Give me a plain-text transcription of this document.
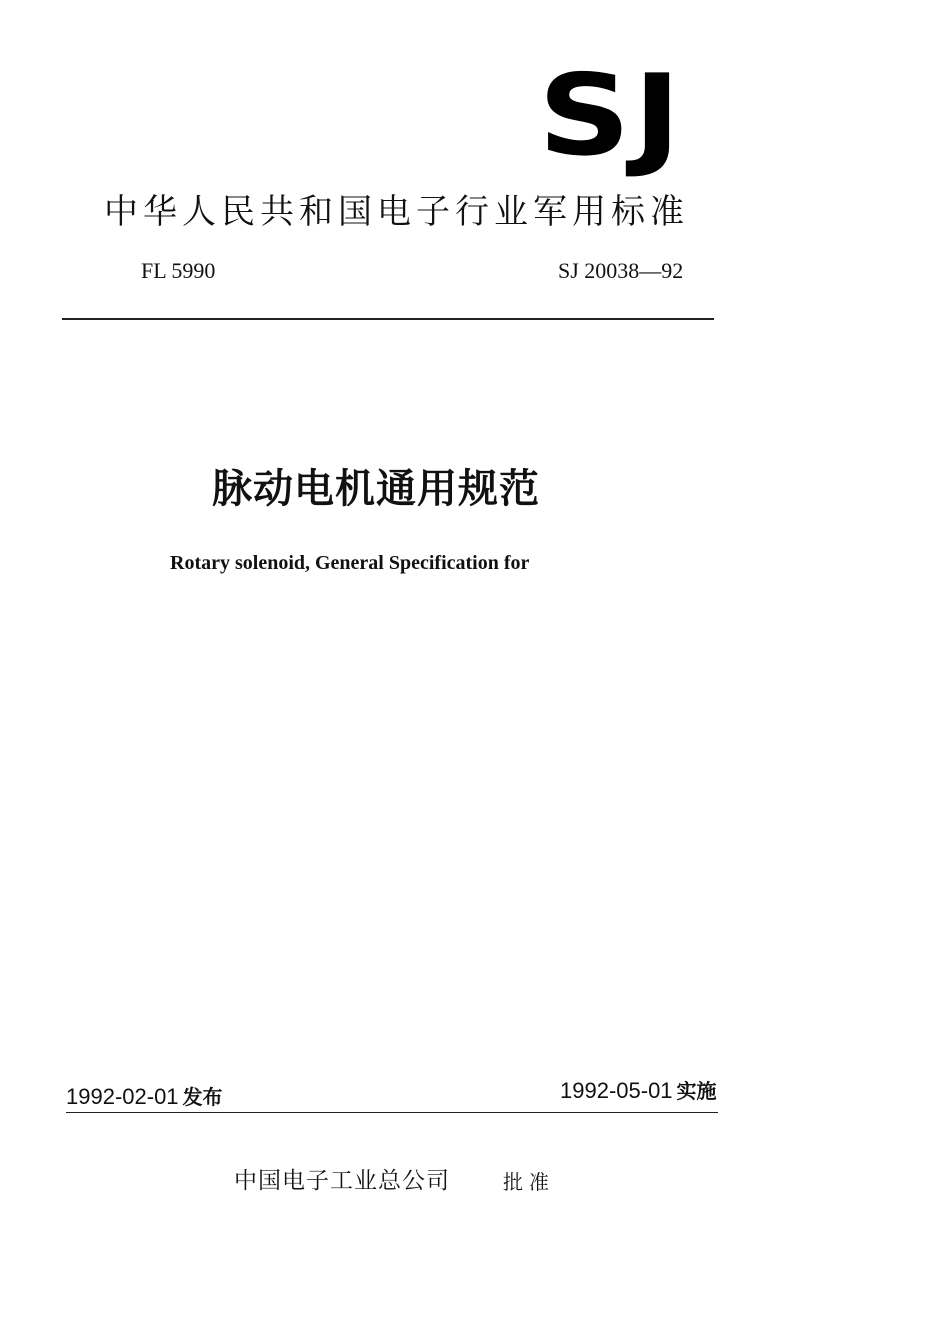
SJ
中华人民共和国电子行业军用标准
FL 5990	SJ 20038—92
脉动电机通用规范
Rotary solenoid, General Specification for
1992-02-01 发布	1992-05-01 实施
中国电子工业总公司	批准
